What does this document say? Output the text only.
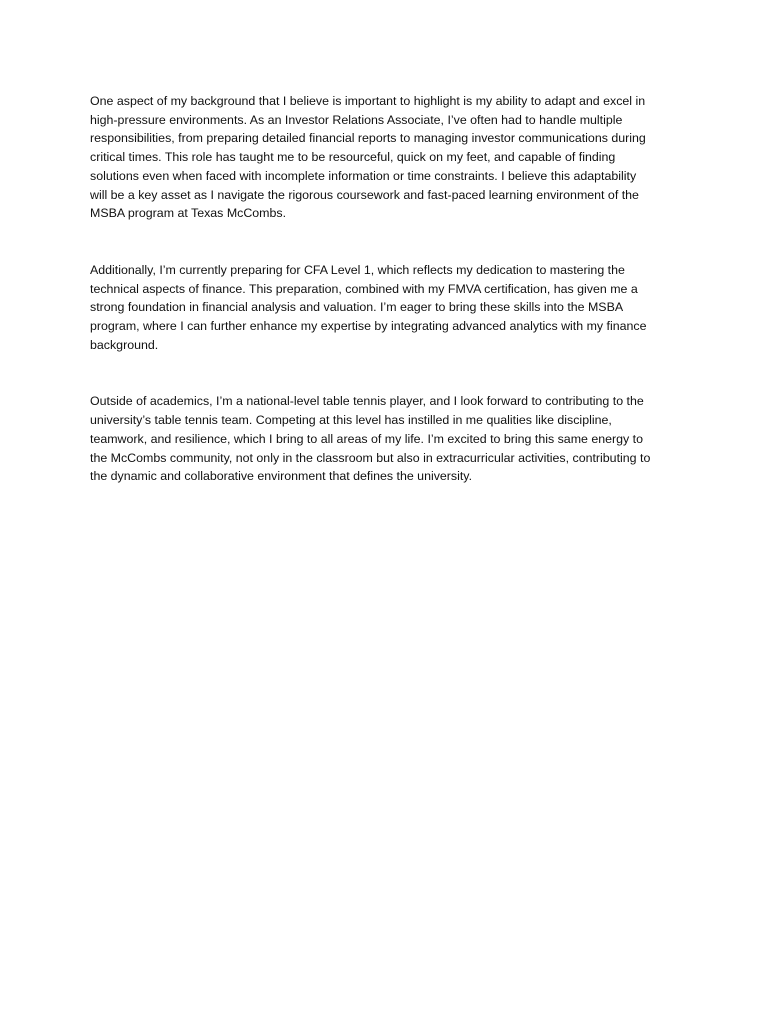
One aspect of my background that I believe is important to highlight is my ability to adapt and excel in
high-pressure environments. As an Investor Relations Associate, I’ve often had to handle multiple
responsibilities, from preparing detailed financial reports to managing investor communications during
critical times. This role has taught me to be resourceful, quick on my feet, and capable of finding
solutions even when faced with incomplete information or time constraints. I believe this adaptability
will be a key asset as I navigate the rigorous coursework and fast-paced learning environment of the
MSBA program at Texas McCombs.

Additionally, I’m currently preparing for CFA Level 1, which reflects my dedication to mastering the
technical aspects of finance. This preparation, combined with my FMVA certification, has given me a
strong foundation in financial analysis and valuation. I’m eager to bring these skills into the MSBA
program, where I can further enhance my expertise by integrating advanced analytics with my finance
background.

Outside of academics, I’m a national-level table tennis player, and I look forward to contributing to the
university’s table tennis team. Competing at this level has instilled in me qualities like discipline,
teamwork, and resilience, which I bring to all areas of my life. I’m excited to bring this same energy to
the McCombs community, not only in the classroom but also in extracurricular activities, contributing to
the dynamic and collaborative environment that defines the university.
